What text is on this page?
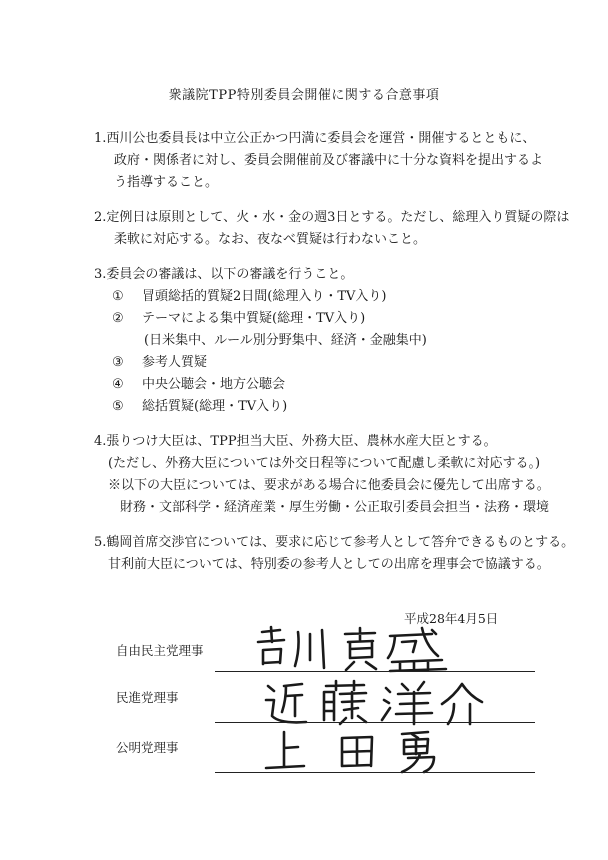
衆議院TPP特別委員会開催に関する合意事項
1.西川公也委員長は中立公正かつ円満に委員会を運営・開催するとともに、
政府・関係者に対し、委員会開催前及び審議中に十分な資料を提出するよ
う指導すること。
2.定例日は原則として、火・水・金の週3日とする。ただし、総理入り質疑の際は
柔軟に対応する。なお、夜なべ質疑は行わないこと。
3.委員会の審議は、以下の審議を行うこと。
① 冒頭総括的質疑2日間(総理入り・TV入り)
② テーマによる集中質疑(総理・TV入り)
(日米集中、ルール別分野集中、経済・金融集中)
③ 参考人質疑
④ 中央公聴会・地方公聴会
⑤ 総括質疑(総理・TV入り)
4.張りつけ大臣は、TPP担当大臣、外務大臣、農林水産大臣とする。
(ただし、外務大臣については外交日程等について配慮し柔軟に対応する。)
※以下の大臣については、要求がある場合に他委員会に優先して出席する。
財務・文部科学・経済産業・厚生労働・公正取引委員会担当・法務・環境
5.鶴岡首席交渉官については、要求に応じて参考人として答弁できるものとする。
甘利前大臣については、特別委の参考人としての出席を理事会で協議する。
平成28年4月5日
自由民主党理事
民進党理事
公明党理事
